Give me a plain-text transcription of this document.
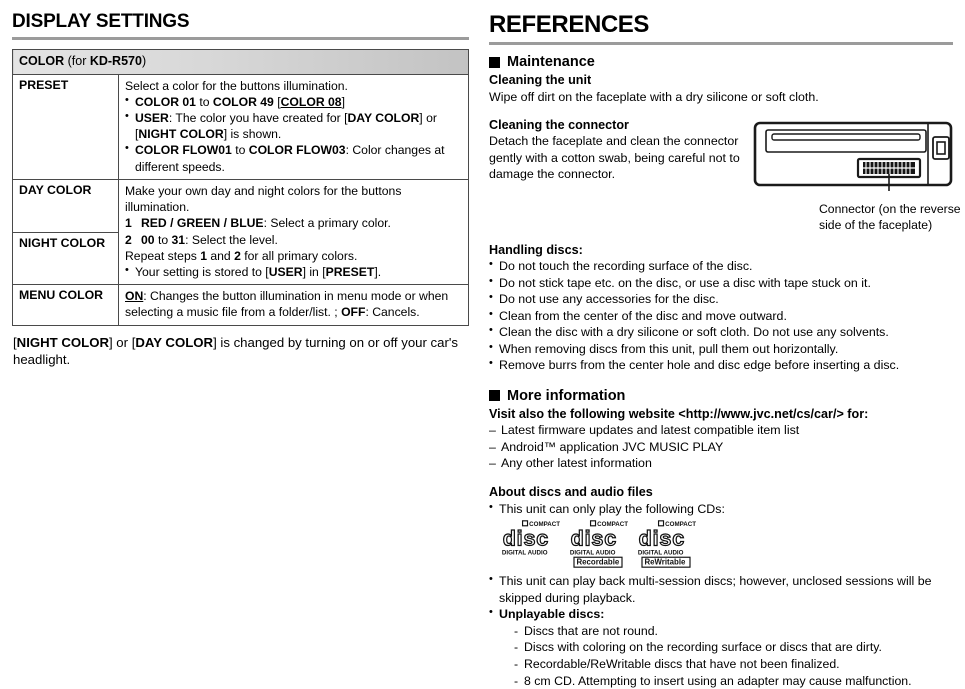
DISPLAY SETTINGS
COLOR (for KD-R570)	
PRESET	Select a color for the buttons illumination.
• COLOR 01 to COLOR 49 [COLOR 08]
• USER: The color you have created for [DAY COLOR] or [NIGHT COLOR] is shown.
• COLOR FLOW01 to COLOR FLOW03: Color changes at different speeds.

DAY COLOR	Make your own day and night colors for the buttons illumination.
1 RED / GREEN / BLUE: Select a primary color.
2 00 to 31: Select the level.
Repeat steps 1 and 2 for all primary colors.
• Your setting is stored to [USER] in [PRESET].

NIGHT COLOR	
MENU COLOR	ON: Changes the button illumination in menu mode or when selecting a music file from a folder/list. ; OFF: Cancels.
[NIGHT COLOR] or [DAY COLOR] is changed by turning on or off your car's headlight.
REFERENCES
Maintenance
Cleaning the unit
Wipe off dirt on the faceplate with a dry silicone or soft cloth.
Cleaning the connector
Detach the faceplate and clean the connector gently with a cotton swab, being careful not to damage the connector.
Connector (on the reverse side of the faceplate)
Handling discs:
• Do not touch the recording surface of the disc.
• Do not stick tape etc. on the disc, or use a disc with tape stuck on it.
• Do not use any accessories for the disc.
• Clean from the center of the disc and move outward.
• Clean the disc with a dry silicone or soft cloth. Do not use any solvents.
• When removing discs from this unit, pull them out horizontally.
• Remove burrs from the center hole and disc edge before inserting a disc.
More information
Visit also the following website <http://www.jvc.net/cs/car/> for:
– Latest firmware updates and latest compatible item list
– Android™ application JVC MUSIC PLAY
– Any other latest information
About discs and audio files
• This unit can only play the following CDs:
COMPACT
disc
DIGITAL AUDIO
COMPACT
disc
DIGITAL AUDIO
Recordable
COMPACT
disc
DIGITAL AUDIO
ReWritable
• This unit can play back multi-session discs; however, unclosed sessions will be skipped during playback.
• Unplayable discs:
- Discs that are not round.
- Discs with coloring on the recording surface or discs that are dirty.
- Recordable/ReWritable discs that have not been finalized.
- 8 cm CD. Attempting to insert using an adapter may cause malfunction.
